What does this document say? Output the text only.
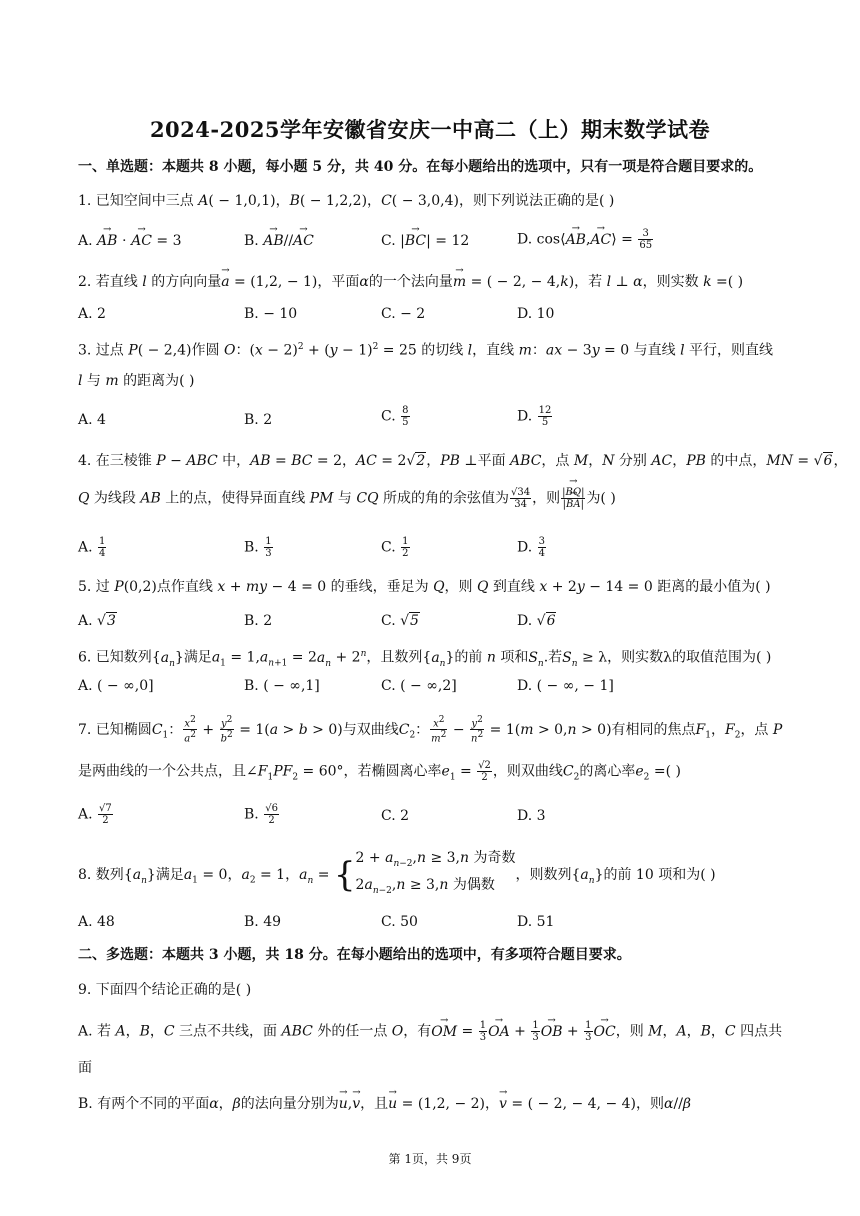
2024-2025学年安徽省安庆一中高二（上）期末数学试卷
一、单选题：本题共 8 小题，每小题 5 分，共 40 分。在每小题给出的选项中，只有一项是符合题目要求的。
1. 已知空间中三点 A( − 1,0,1)，B( − 1,2,2)，C( − 3,0,4)，则下列说法正确的是( )
A. → AB ⋅ → AC = 3	B. → AB//→ AC	C. |→ BC| = 12	D. cos⟨→ AB,→ AC⟩ = $\frac{3}{65}$
2. 若直线 l 的方向向量→ a = (1,2, − 1)，平面α的一个法向量→ m = ( − 2, − 4,k)，若 l ⊥ α，则实数 k =( )
A. 2	B. − 10	C. − 2	D. 10
3. 过点 P( − 2,4)作圆 O：$(x - 2)^2 + (y - 1)^2 = 25$ 的切线 l，直线 m：ax − 3y = 0 与直线 l 平行，则直线
l 与 m 的距离为( )
A. 4	B. 2	C. $\frac{8}{5}$	D. $\frac{12}{5}$
4. 在三棱锥 P − ABC 中，AB = BC = 2，AC = 2√2，PB ⊥平面 ABC，点 M，N 分别 AC，PB 的中点，MN = √6，
Q 为线段 AB 上的点，使得异面直线 PM 与 CQ 所成的角的余弦值为 $\frac{√34}{34}$ ，则 $\frac{|\to BQ|}{|\to BA|}$ 为( )
A. $\frac{1}{4}$	B. $\frac{1}{3}$	C. $\frac{1}{2}$	D. $\frac{3}{4}$
5. 过 P(0,2)点作直线 x + my − 4 = 0 的垂线，垂足为 Q，则 Q 到直线 x + 2y − 14 = 0 距离的最小值为( )
A. √3	B. 2	C. √5	D. √6
6. 已知数列$\{a_n\}$满足$a_1 = 1,a_{n+1} = 2a_n + 2^n$，且数列$\{a_n\}$的前 n 项和$S_n$.若$S_n \ge \lambda$，则实数λ的取值范围为( )
A. ( − ∞,0]	B. ( − ∞,1]	C. ( − ∞,2]	D. ( − ∞, − 1]
7. 已知椭圆$C_1$： $\frac{x^2}{a^2} + \frac{y^2}{b^2} = 1(a > b > 0)$与双曲线$C_2$： $\frac{x^2}{m^2} - \frac{y^2}{n^2} = 1(m > 0,n > 0)$有相同的焦点$F_1$，$F_2$，点 P
是两曲线的一个公共点，且$\angle F_1PF_2 = 60^\circ$，若椭圆离心率$e_1 = \frac{√2}{2}$ ，则双曲线$C_2$的离心率$e_2$ =( )
A. $\frac{√7}{2}$	B. $\frac{√6}{2}$	C. 2	D. 3
8. 数列$\{a_n\}$满足$a_1 = 0$，$a_2 = 1$，$a_n$ = { $2 + a_{n-2},n \ge 3,n$ 为奇数
$2a_{n-2},n \ge 3,n$ 为偶数
，则数列$\{a_n\}$的前 10 项和为( )
A. 48	B. 49	C. 50	D. 51
二、多选题：本题共 3 小题，共 18 分。在每小题给出的选项中，有多项符合题目要求。
9. 下面四个结论正确的是( )
A. 若 A，B，C 三点不共线，面 ABC 外的任一点 O，有→ OM = $\frac{1}{3}$ → OA + $\frac{1}{3}$ → OB + $\frac{1}{3}$ → OC，则 M，A，B，C 四点共
面
B. 有两个不同的平面α，β的法向量分别为→ u,→ v，且→ u = (1,2, − 2)，→ v = ( − 2, − 4, − 4)，则α//β
第 1页，共 9页
